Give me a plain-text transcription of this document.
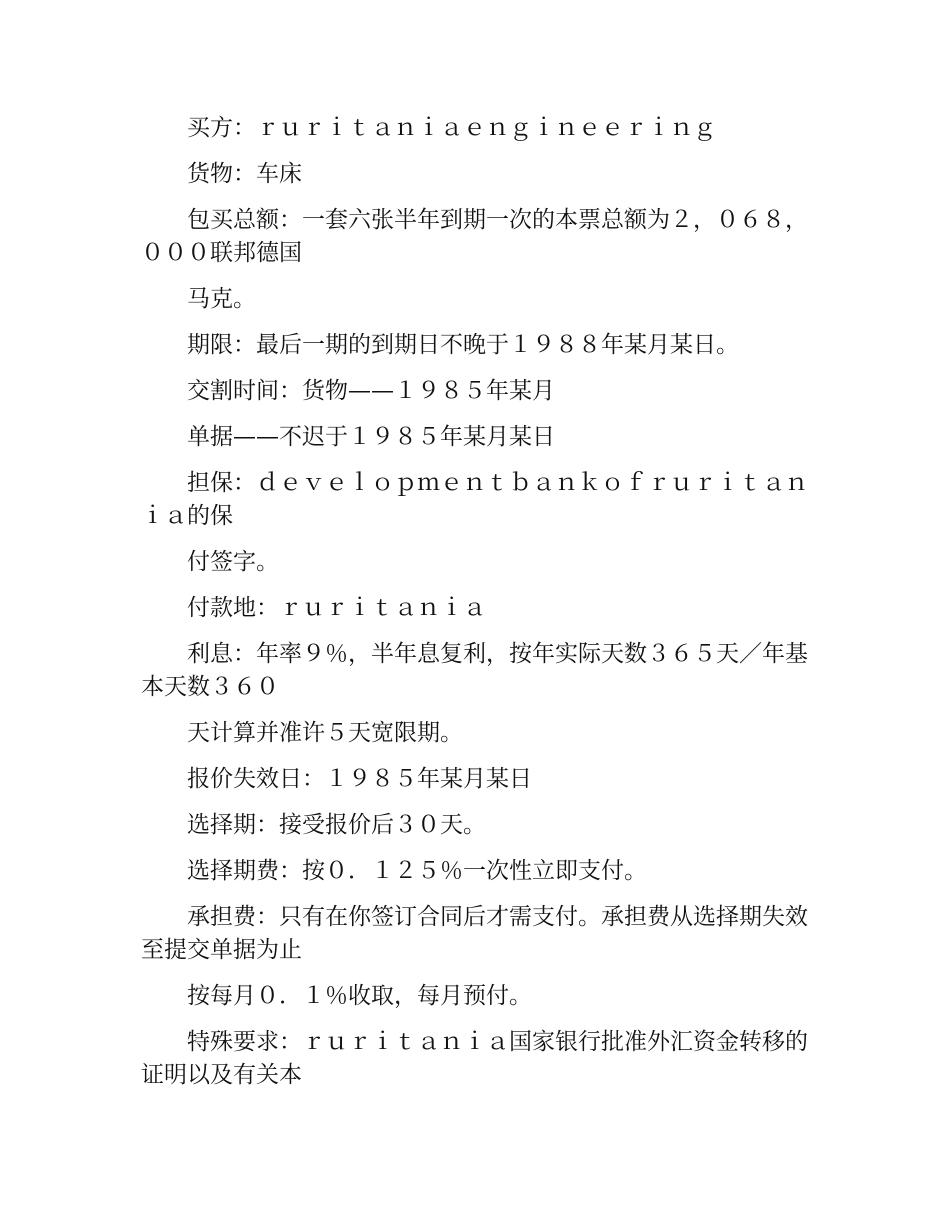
买方：ｒｕｒｉｔａｎｉａｅｎｇｉｎｅｅｒｉｎｇ

货物：车床

包买总额：一套六张半年到期一次的本票总额为２，０６８，０００联邦德国

马克。

期限：最后一期的到期日不晚于１９８８年某月某日。

交割时间：货物——１９８５年某月

单据——不迟于１９８５年某月某日

担保：ｄｅｖｅｌｏｐｍｅｎｔｂａｎｋｏｆｒｕｒｉｔａｎｉａ的保

付签字。

付款地：ｒｕｒｉｔａｎｉａ

利息：年率９％，半年息复利，按年实际天数３６５天／年基本天数３６０

天计算并准许５天宽限期。

报价失效日：１９８５年某月某日

选择期：接受报价后３０天。

选择期费：按０．１２５％一次性立即支付。

承担费：只有在你签订合同后才需支付。承担费从选择期失效至提交单据为止

按每月０．１％收取，每月预付。

特殊要求：ｒｕｒｉｔａｎｉａ国家银行批准外汇资金转移的证明以及有关本
